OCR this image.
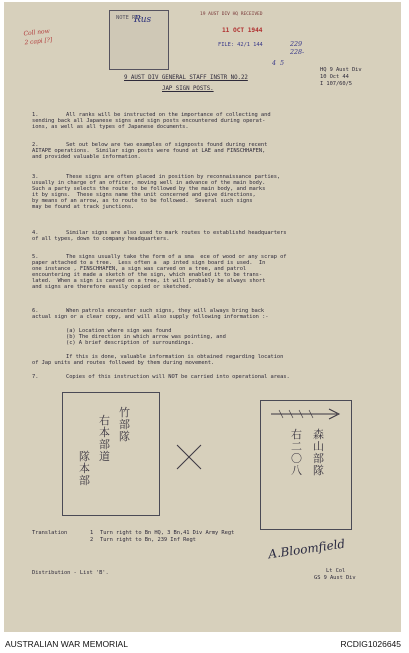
Coll now
2 capi [?]
NOTE Rec
Rus
19 AUST DIV HQ RECEIVED
11 OCT 1944
FILE: 42/1 144	229
228-
4  5
9 AUST DIV GENERAL STAFF INSTR NO.22
JAP SIGN POSTS.
HQ 9 Aust Div
10 Oct 44
I 107/60/5
1.	All ranks will be instructed on the importance of collecting and
sending back all Japanese signs and sign posts encountered during operat-
ions, as well as all types of Japanese documents.
2.	Set out below are two examples of signposts found during recent
AITAPE operations.  Similar sign posts were found at LAE and FINSCHHAFEN,
and provided valuable information.
3.	These signs are often placed in position by reconnaissance parties,
usually in charge of an officer, moving well in advance of the main body.
Such a party selects the route to be followed by the main body, and marks
it by signs.  These signs name the unit concerned and give directions,
by means of an arrow, as to route to be followed.  Several such signs
may be found at track junctions.
4.	Similar signs are also used to mark routes to establishd headquarters
of all types, down to company headquarters.
5.	The signs usually take the form of a sma  ece of wood or any scrap of
paper attached to a tree.  Less often a  ap inted sign board is used.  In
one instance , FINSCHHAFEN, a sign was carved on a tree, and patrol
encountering it made a sketch of the sign, which enabled it to be trans-
lated.  When a sign is carved on a tree, it will probably be always short
and signs are therefore easily copied or sketched.
6.	When patrols encounter such signs, they will always bring back
actual sign or a clear copy, and will also supply following information :-
(a) Location where sign was found
(b) The direction in which arrow was pointing, and
(c) A brief description of surroundings.
If this is done, valuable information is obtained regarding location
of Jap units and routes followed by them during movement.
7.	Copies of this instruction will NOT be carried into operational areas.
竹
部
隊
右
本
部
道
隊
本
部
森
山
部
隊
右
二
〇
八
Translation	1 Turn right to Bn HQ, 3 Bn,41 Div Army Regt
2 Turn right to Bn, 239 Inf Regt	A.Bloomfield
Lt Col
GS 9 Aust Div
Distribution - List 'B'.
AUSTRALIAN WAR MEMORIAL	RCDIG1026645
